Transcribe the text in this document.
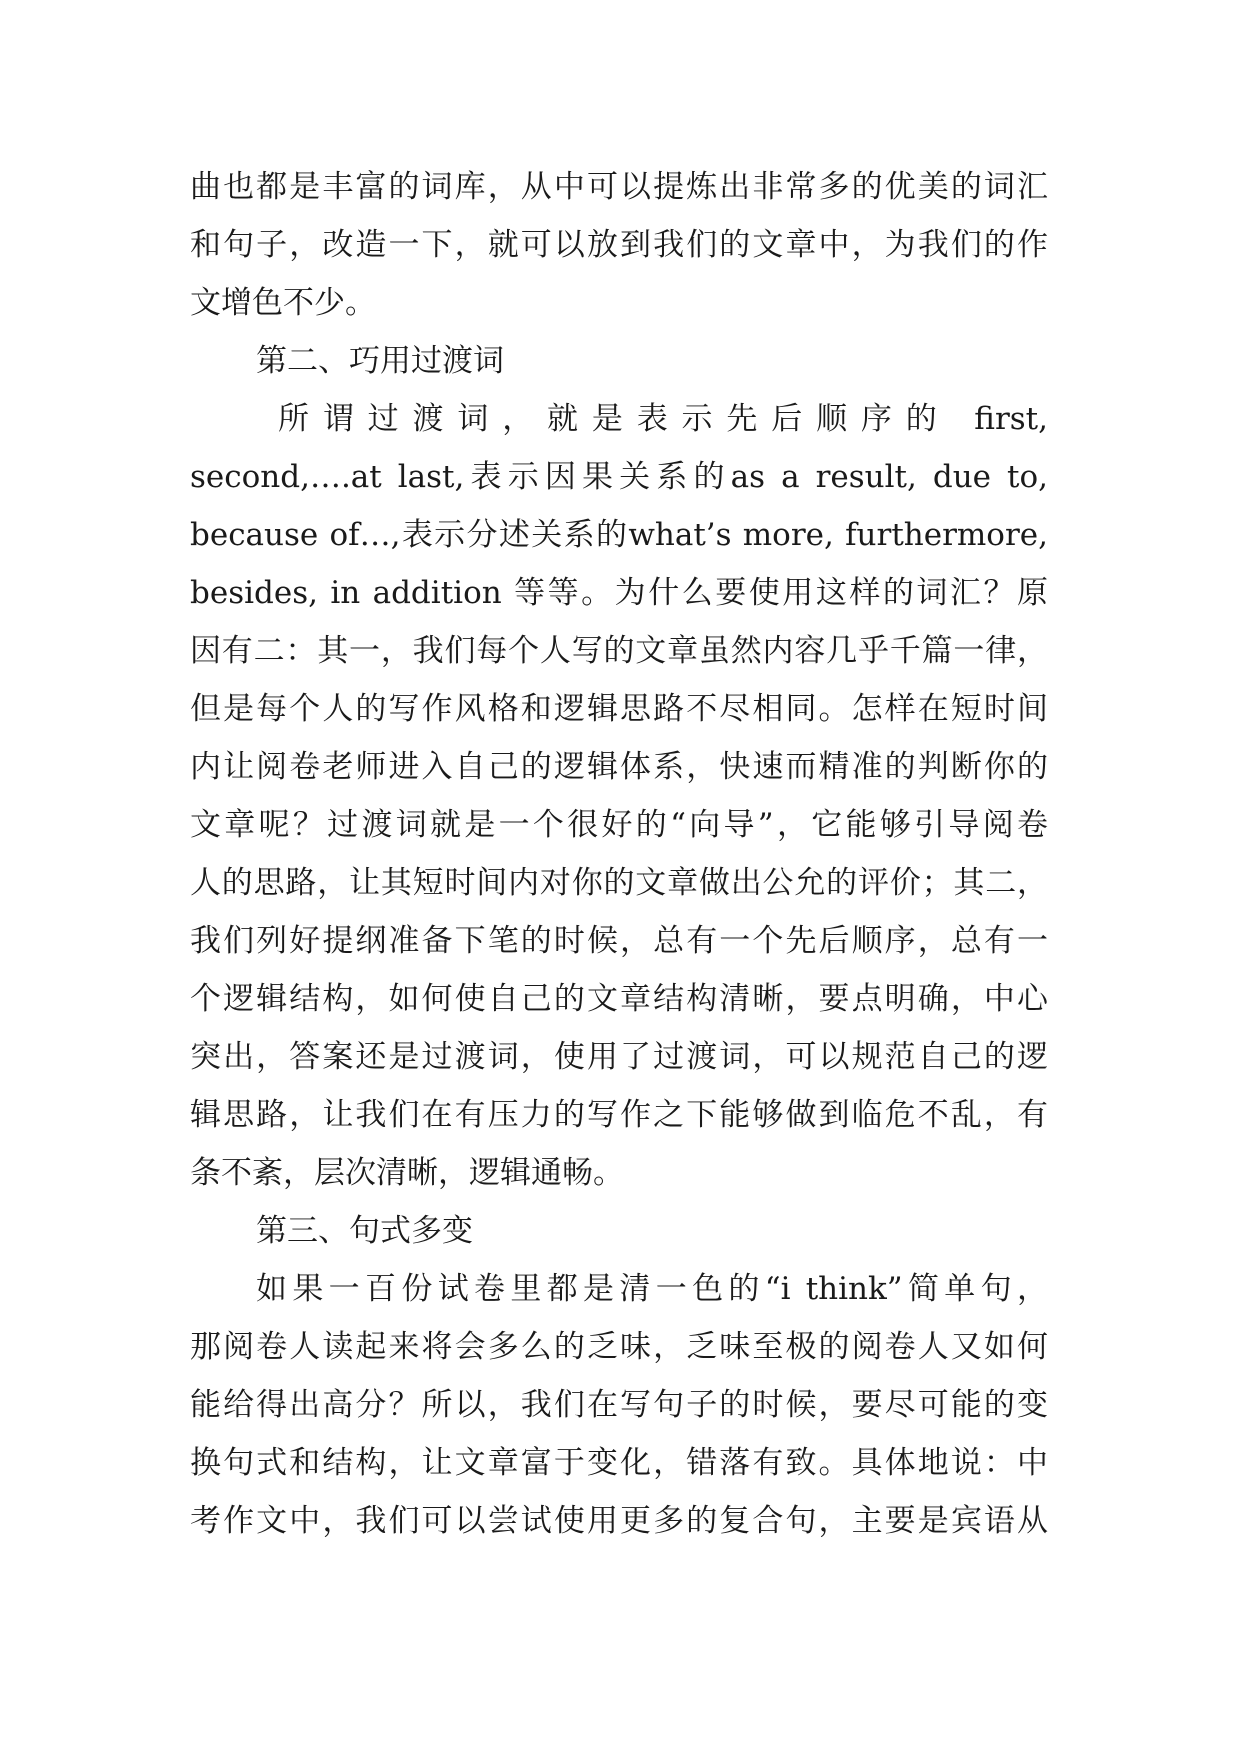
曲也都是丰富的词库，从中可以提炼出非常多的优美的词汇
和句子，改造一下，就可以放到我们的文章中，为我们的作
文增色不少。
第二、巧用过渡词
所谓过渡词，就是表示先后顺序的 first,
second,….at last,表示因果关系的as a result, due to,
because of…,表示分述关系的what’s more, furthermore,
besides, in addition 等等。为什么要使用这样的词汇？原
因有二：其一，我们每个人写的文章虽然内容几乎千篇一律，
但是每个人的写作风格和逻辑思路不尽相同。怎样在短时间
内让阅卷老师进入自己的逻辑体系，快速而精准的判断你的
文章呢？过渡词就是一个很好的“向导”，它能够引导阅卷
人的思路，让其短时间内对你的文章做出公允的评价；其二，
我们列好提纲准备下笔的时候，总有一个先后顺序，总有一
个逻辑结构，如何使自己的文章结构清晰，要点明确，中心
突出，答案还是过渡词，使用了过渡词，可以规范自己的逻
辑思路，让我们在有压力的写作之下能够做到临危不乱，有
条不紊，层次清晰，逻辑通畅。
第三、句式多变
如果一百份试卷里都是清一色的“i think”简单句，
那阅卷人读起来将会多么的乏味，乏味至极的阅卷人又如何
能给得出高分？所以，我们在写句子的时候，要尽可能的变
换句式和结构，让文章富于变化，错落有致。具体地说：中
考作文中，我们可以尝试使用更多的复合句，主要是宾语从
